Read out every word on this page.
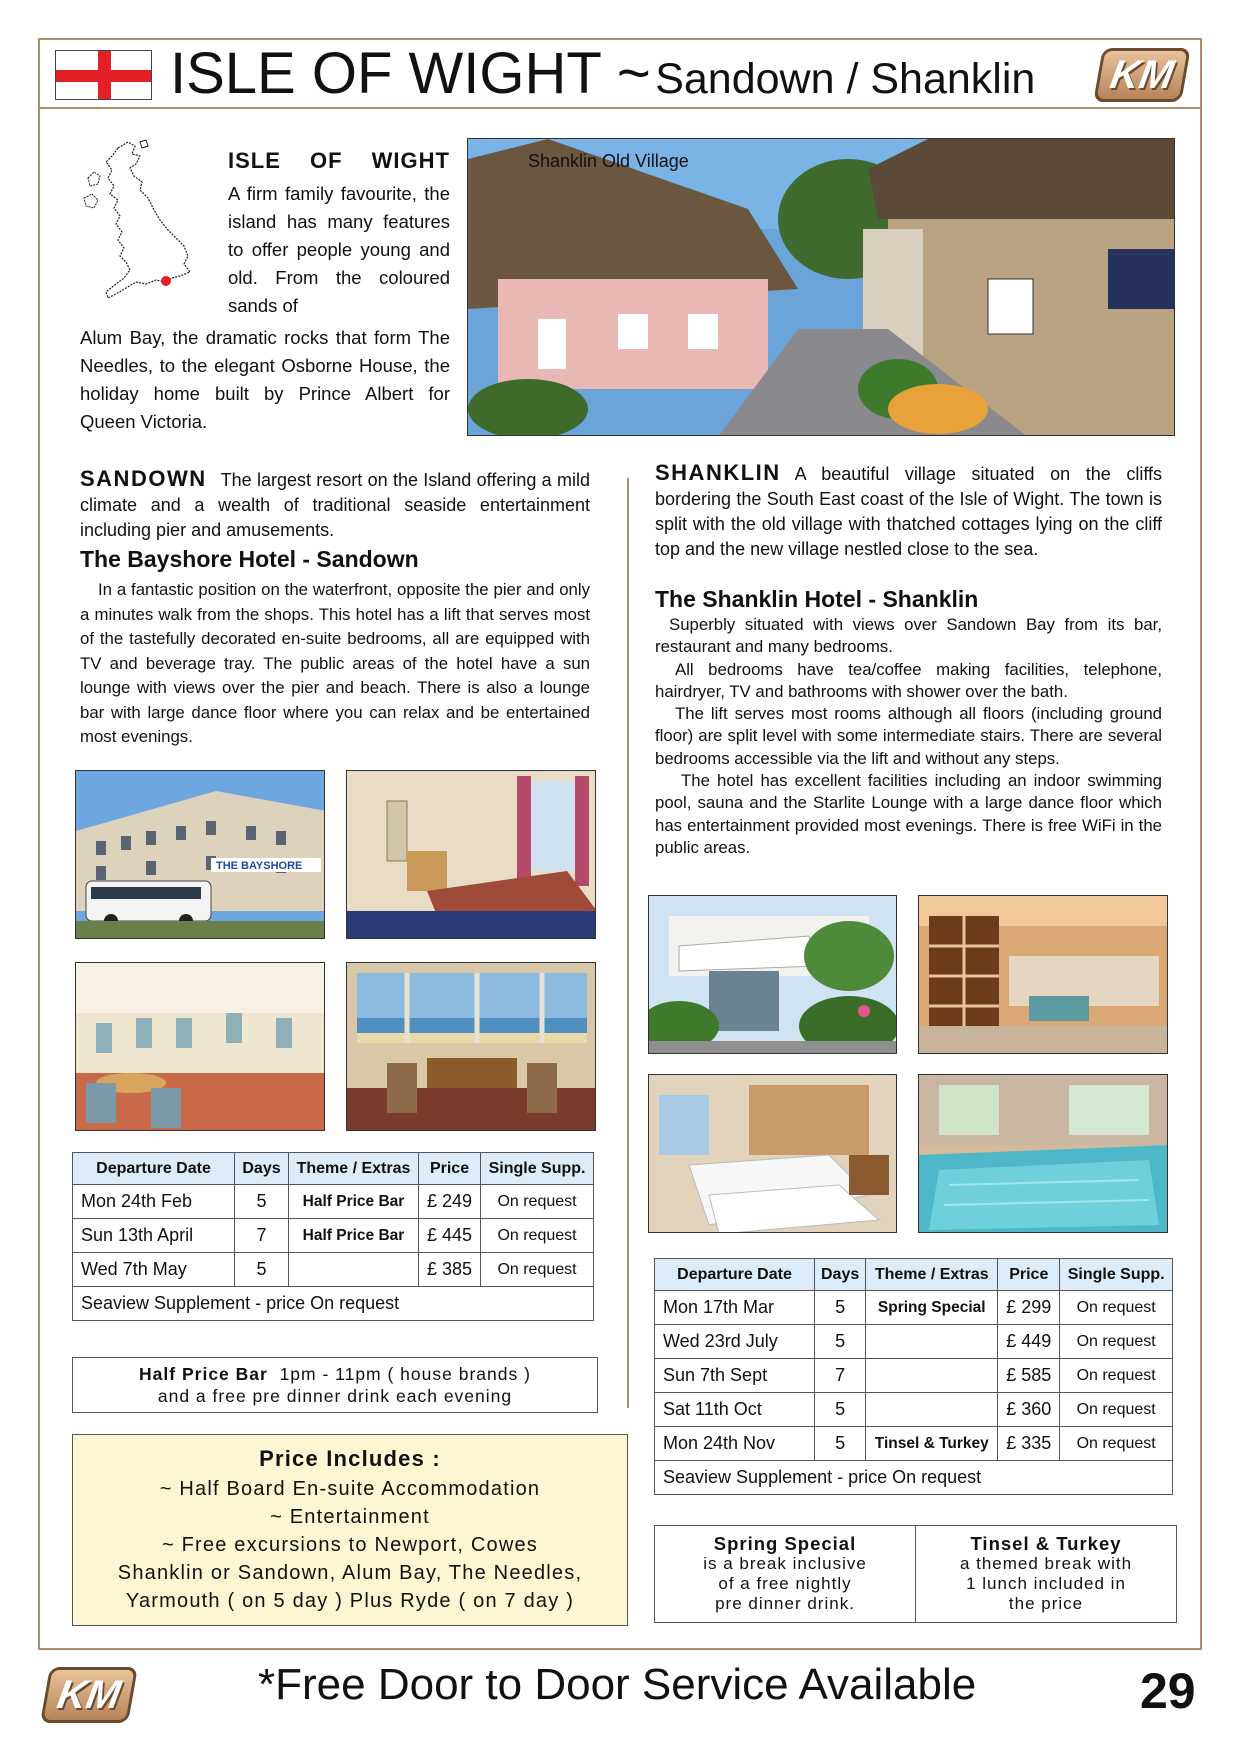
ISLE OF WIGHT ~ Sandown / Shanklin	KM
ISLE OF WIGHT
A firm family favourite, the island has many features to offer people young and old. From the coloured sands of
Alum Bay, the dramatic rocks that form The Needles, to the elegant Osborne House, the holiday home built by Prince Albert for Queen Victoria.
Shanklin Old Village
SANDOWN The largest resort on the Island offering a mild climate and a wealth of traditional seaside entertainment including pier and amusements.
The Bayshore Hotel - Sandown
In a fantastic position on the waterfront, opposite the pier and only a minutes walk from the shops. This hotel has a lift that serves most of the tastefully decorated en-suite bedrooms, all are equipped with TV and beverage tray. The public areas of the hotel have a sun lounge with views over the pier and beach. There is also a lounge bar with large dance floor where you can relax and be entertained most evenings.
THE BAYSHORE
Departure Date	Days	Theme / Extras	Price	Single Supp.
Mon 24th Feb	5	Half Price Bar	£ 249	On request
Sun 13th April	7	Half Price Bar	£ 445	On request
Wed 7th May	5		£ 385	On request
Seaview Supplement - price On request				
Half Price Bar 1pm - 11pm ( house brands )
and a free pre dinner drink each evening
Price Includes :
~ Half Board En-suite Accommodation
~ Entertainment
~ Free excursions to Newport, Cowes
Shanklin or Sandown, Alum Bay, The Needles,
Yarmouth ( on 5 day ) Plus Ryde ( on 7 day )
SHANKLIN A beautiful village situated on the cliffs bordering the South East coast of the Isle of Wight. The town is split with the old village with thatched cottages lying on the cliff top and the new village nestled close to the sea.
The Shanklin Hotel - Shanklin
Superbly situated with views over Sandown Bay from its bar, restaurant and many bedrooms.
All bedrooms have tea/coffee making facilities, telephone, hairdryer, TV and bathrooms with shower over the bath.
The lift serves most rooms although all floors (including ground floor) are split level with some intermediate stairs. There are several bedrooms accessible via the lift and without any steps.
The hotel has excellent facilities including an indoor swimming pool, sauna and the Starlite Lounge with a large dance floor which has entertainment provided most evenings. There is free WiFi in the public areas.
Departure Date	Days	Theme / Extras	Price	Single Supp.
Mon 17th Mar	5	Spring Special	£ 299	On request
Wed 23rd July	5		£ 449	On request
Sun 7th Sept	7		£ 585	On request
Sat 11th Oct	5		£ 360	On request
Mon 24th Nov	5	Tinsel & Turkey	£ 335	On request
Seaview Supplement - price On request				
Spring Special
is a break inclusive
of a free nightly
pre dinner drink.
Tinsel & Turkey
a themed break with
1 lunch included in
the price
KM	*Free Door to Door Service Available	29
